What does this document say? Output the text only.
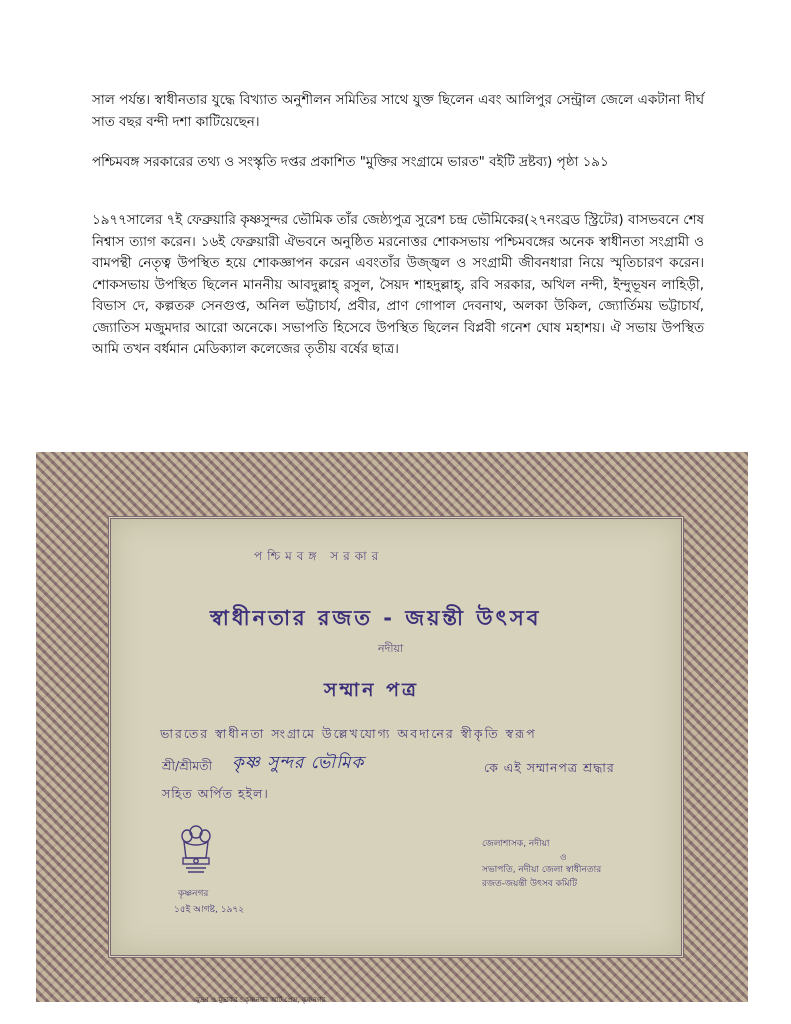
সাল পর্যন্ত। স্বাধীনতার যুদ্ধে বিখ্যাত অনুশীলন সমিতির সাথে যুক্ত ছিলেন এবং আলিপুর সেন্ট্রাল জেলে একটানা দীর্ঘ সাত বছর বন্দী দশা কাটিয়েছেন।

পশ্চিমবঙ্গ সরকারের তথ্য ও সংস্কৃতি দপ্তর প্রকাশিত "মুক্তির সংগ্রামে ভারত" বইটি দ্রষ্টব্য) পৃষ্ঠা ১৯১

১৯৭৭সালের ৭ই ফেব্রুয়ারি কৃষ্ণসুন্দর ভৌমিক তাঁর জেষ্ঠ্যপুত্র সুরেশ চন্দ্র ভৌমিকের(২৭নংব্রড স্ট্রিটের) বাসভবনে শেষ নিশ্বাস ত্যাগ করেন। ১৬ই ফেব্রুয়ারী ঐভবনে অনুষ্ঠিত মরনোত্তর শোকসভায় পশ্চিমবঙ্গের অনেক স্বাধীনতা সংগ্রামী ও বামপন্থী নেতৃত্ব উপস্থিত হয়ে শোকজ্ঞাপন করেন এবংতাঁর উজ্জ্বল ও সংগ্রামী জীবনধারা নিয়ে স্মৃতিচারণ করেন। শোকসভায় উপস্থিত ছিলেন মাননীয় আবদুল্লাহ্ রসুল, সৈয়দ শাহদুল্লাহ্, রবি সরকার, অখিল নন্দী, ইন্দুভূষন লাহিড়ী, বিভাস দে, কল্পতরু সেনগুপ্ত, অনিল ভট্টাচার্য, প্রবীর, প্রাণ গোপাল দেবনাথ, অলকা উকিল, জ্যোর্তিময় ভট্টাচার্য, জ্যোতিস মজুমদার আরো অনেকে। সভাপতি হিসেবে উপস্থিত ছিলেন বিপ্লবী গনেশ ঘোষ মহাশয়। ঐ সভায় উপস্থিত আমি তখন বর্ধমান মেডিক্যাল কলেজের তৃতীয় বর্ষের ছাত্র।

পশ্চিমবঙ্গ সরকার
স্বাধীনতার রজত - জয়ন্তী উৎসব
নদীয়া
সম্মান পত্র
ভারতের স্বাধীনতা সংগ্রামে উল্লেখযোগ্য অবদানের স্বীকৃতি স্বরূপ
শ্রী/শ্রীমতী কৃষ্ণ সুন্দর ভৌমিক	কে এই সম্মানপত্র শ্রদ্ধার
সহিত অর্পিত হইল।
জেলাশাসক, নদীয়া
ও
সভাপতি, নদীয়া জেলা স্বাধীনতার
রজত-জয়ন্তী উৎসব কমিটি
কৃষ্ণনগর
১৫ই আগষ্ট, ১৯৭২
মুদ্রণ ও মুদ্রাকর : কৃষ্ণনগর আর্ট প্রেস, কৃষ্ণনগর
